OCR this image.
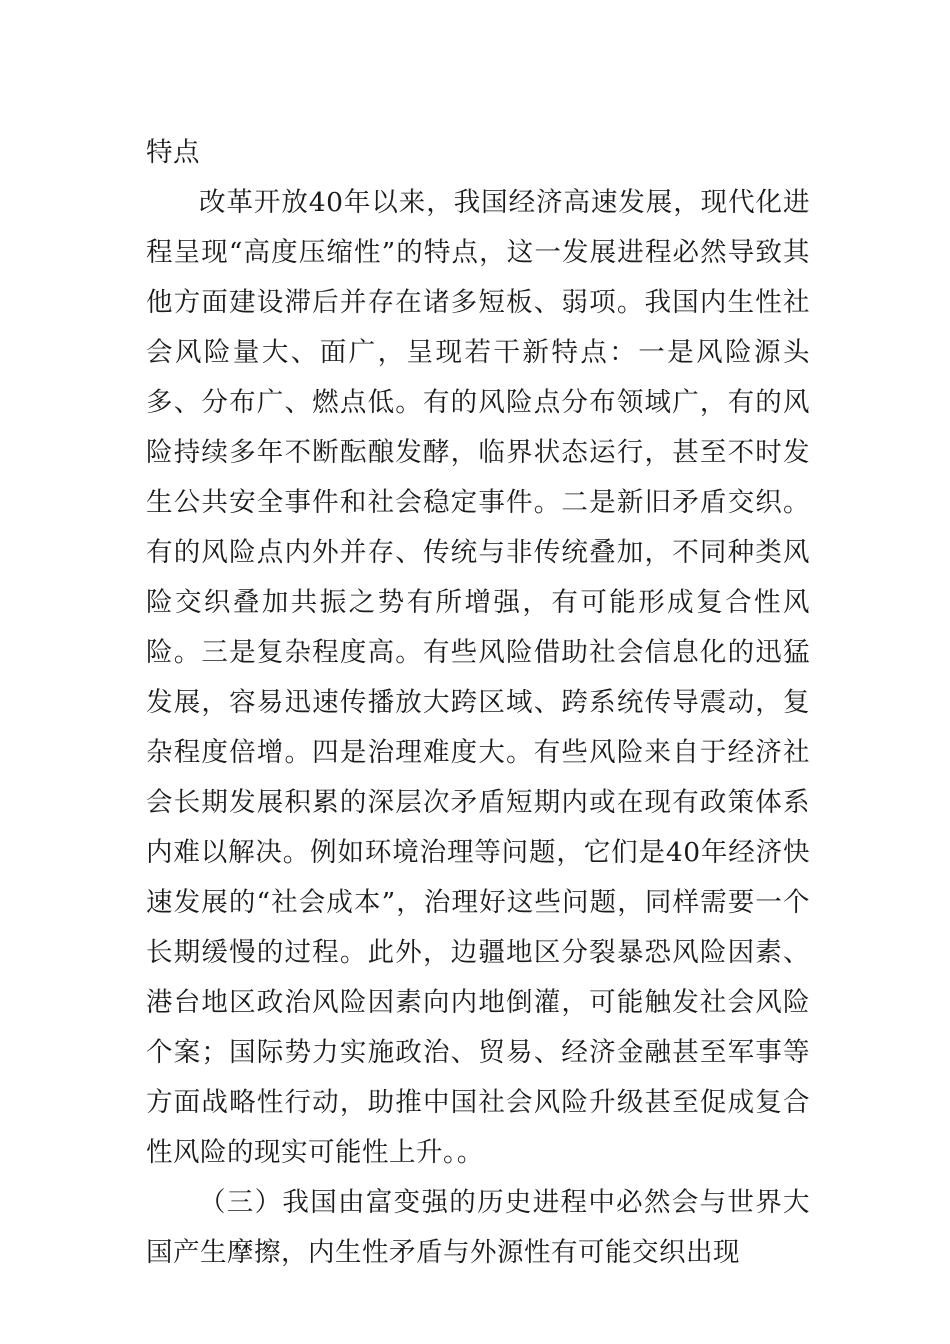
特点

改革开放40年以来，我国经济高速发展，现代化进程呈现“高度压缩性”的特点，这一发展进程必然导致其他方面建设滞后并存在诸多短板、弱项。我国内生性社会风险量大、面广，呈现若干新特点：一是风险源头多、分布广、燃点低。有的风险点分布领域广，有的风险持续多年不断酝酿发酵，临界状态运行，甚至不时发生公共安全事件和社会稳定事件。二是新旧矛盾交织。有的风险点内外并存、传统与非传统叠加，不同种类风险交织叠加共振之势有所增强，有可能形成复合性风险。三是复杂程度高。有些风险借助社会信息化的迅猛发展，容易迅速传播放大跨区域、跨系统传导震动，复杂程度倍增。四是治理难度大。有些风险来自于经济社会长期发展积累的深层次矛盾短期内或在现有政策体系内难以解决。例如环境治理等问题，它们是40年经济快速发展的“社会成本”，治理好这些问题，同样需要一个长期缓慢的过程。此外，边疆地区分裂暴恐风险因素、港台地区政治风险因素向内地倒灌，可能触发社会风险个案；国际势力实施政治、贸易、经济金融甚至军事等方面战略性行动，助推中国社会风险升级甚至促成复合性风险的现实可能性上升。。

（三）我国由富变强的历史进程中必然会与世界大国产生摩擦，内生性矛盾与外源性有可能交织出现
